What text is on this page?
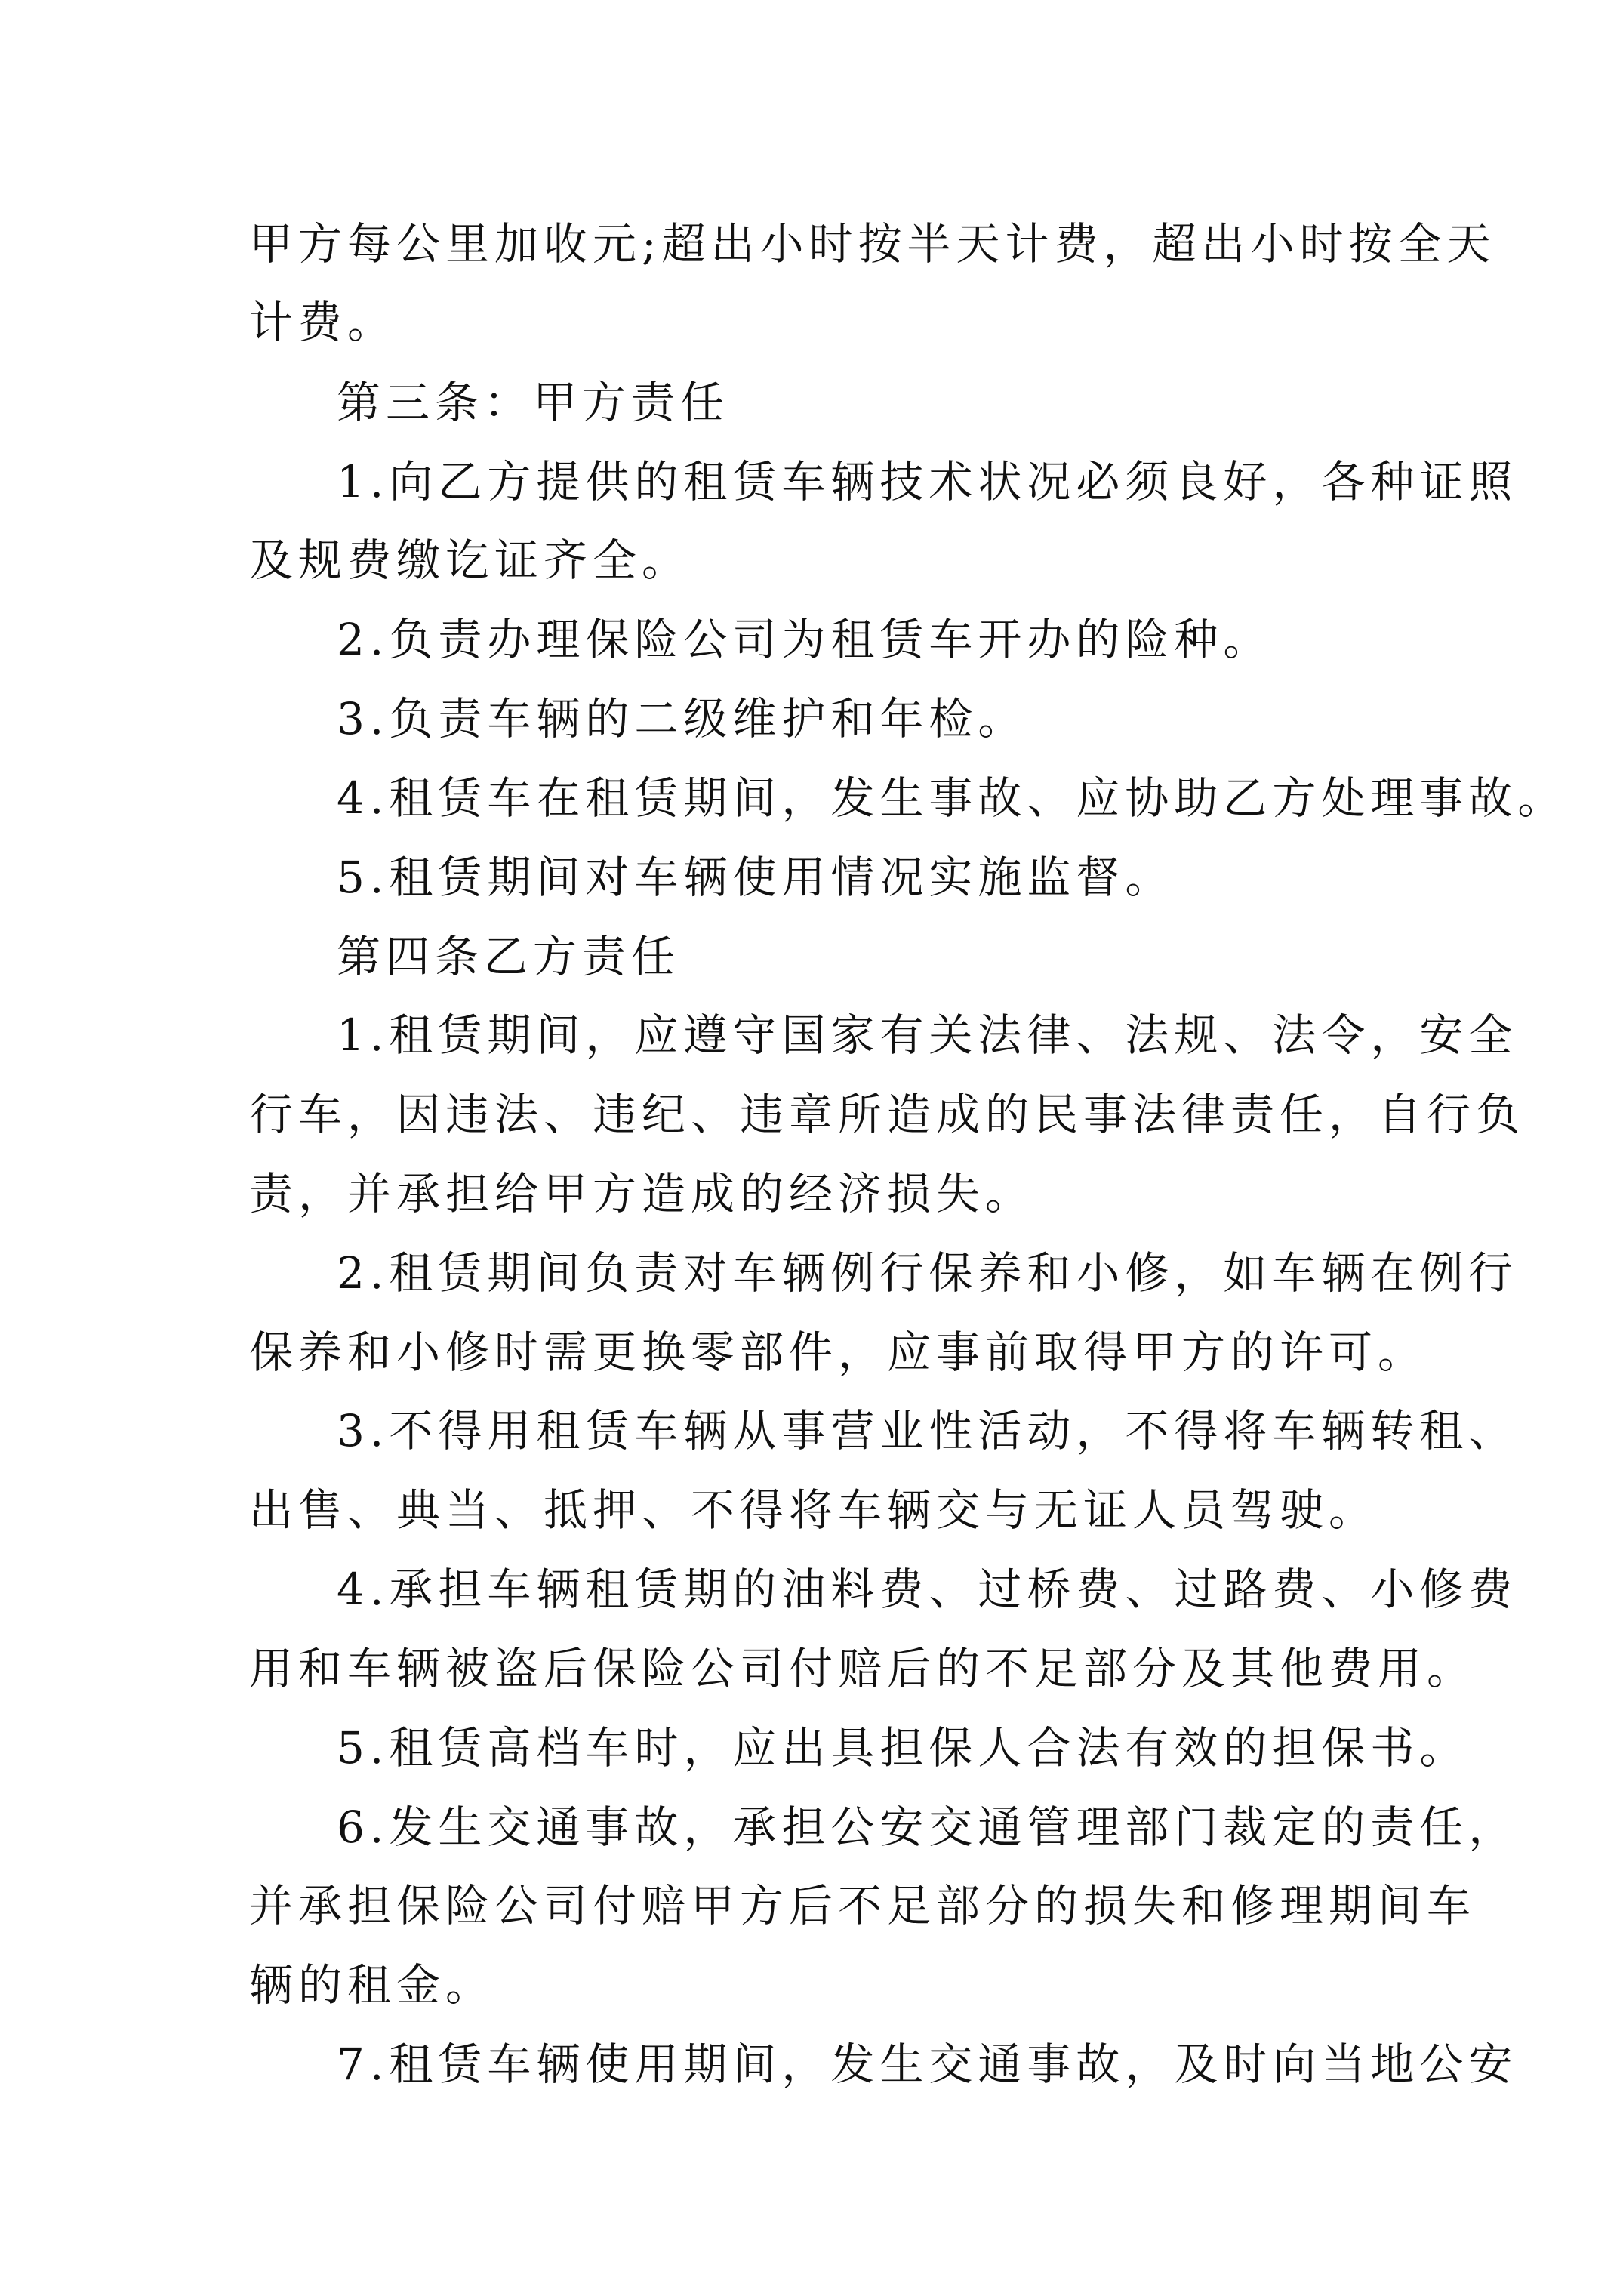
甲方每公里加收元;超出小时按半天计费，超出小时按全天
计费。
第三条：甲方责任
1.向乙方提供的租赁车辆技术状况必须良好，各种证照
及规费缴讫证齐全。
2.负责办理保险公司为租赁车开办的险种。
3.负责车辆的二级维护和年检。
4.租赁车在租赁期间，发生事故、应协助乙方处理事故。
5.租赁期间对车辆使用情况实施监督。
第四条乙方责任
1.租赁期间，应遵守国家有关法律、法规、法令，安全
行车，因违法、违纪、违章所造成的民事法律责任，自行负
责，并承担给甲方造成的经济损失。
2.租赁期间负责对车辆例行保养和小修，如车辆在例行
保养和小修时需更换零部件，应事前取得甲方的许可。
3.不得用租赁车辆从事营业性活动，不得将车辆转租、
出售、典当、抵押、不得将车辆交与无证人员驾驶。
4.承担车辆租赁期的油料费、过桥费、过路费、小修费
用和车辆被盗后保险公司付赔后的不足部分及其他费用。
5.租赁高档车时，应出具担保人合法有效的担保书。
6.发生交通事故，承担公安交通管理部门裁定的责任，
并承担保险公司付赔甲方后不足部分的损失和修理期间车
辆的租金。
7.租赁车辆使用期间，发生交通事故，及时向当地公安
